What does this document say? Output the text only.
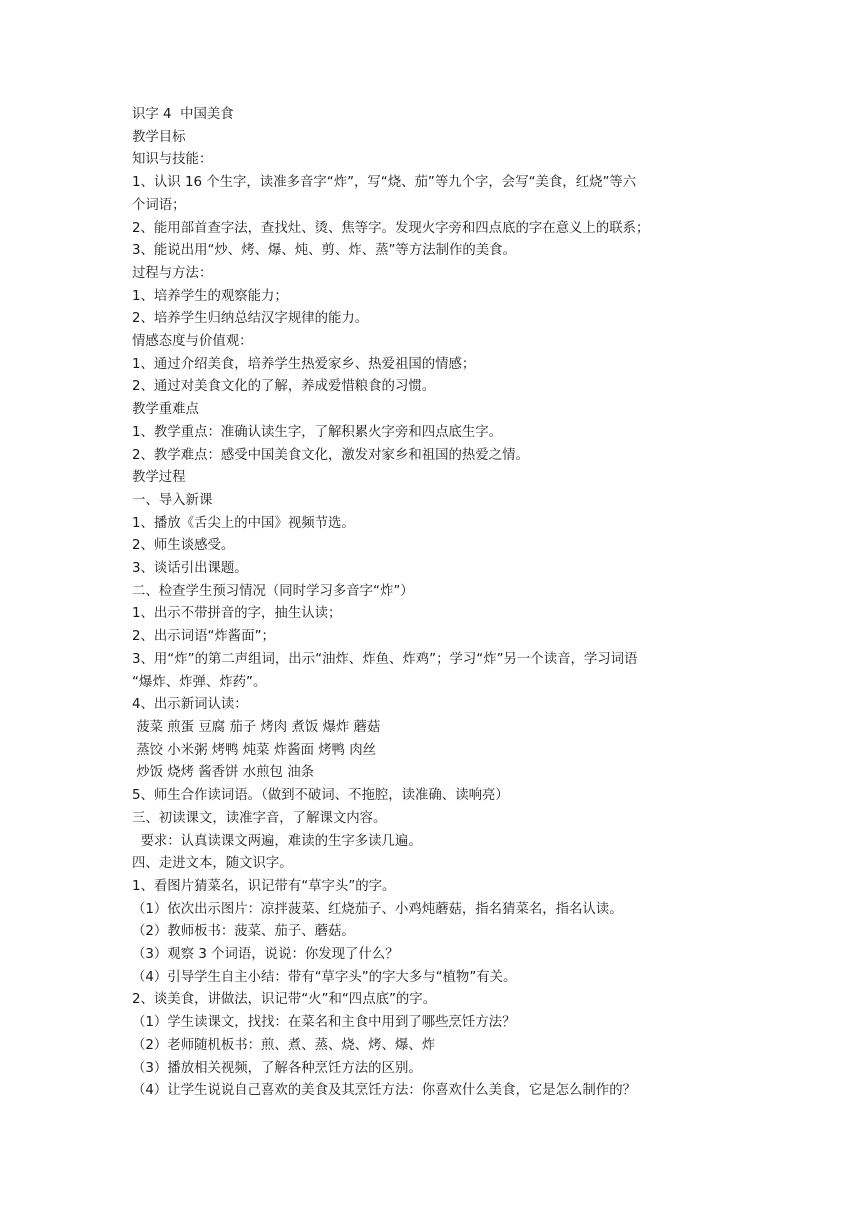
识字 4  中国美食
教学目标
知识与技能：
1、认识 16 个生字，读准多音字“炸”，写“烧、茄”等九个字，会写“美食，红烧”等六
个词语；
2、能用部首查字法，查找灶、烫、焦等字。发现火字旁和四点底的字在意义上的联系；
3、能说出用“炒、烤、爆、炖、剪、炸、蒸”等方法制作的美食。
过程与方法：
1、培养学生的观察能力；
2、培养学生归纳总结汉字规律的能力。
情感态度与价值观：
1、通过介绍美食，培养学生热爱家乡、热爱祖国的情感；
2、通过对美食文化的了解，养成爱惜粮食的习惯。
教学重难点
1、教学重点：准确认读生字，了解积累火字旁和四点底生字。
2、教学难点：感受中国美食文化，激发对家乡和祖国的热爱之情。
教学过程
一、导入新课
1、播放《舌尖上的中国》视频节选。
2、师生谈感受。
3、谈话引出课题。
二、检查学生预习情况（同时学习多音字“炸”）
1、出示不带拼音的字，抽生认读；
2、出示词语“炸酱面”；
3、用“炸”的第二声组词，出示“油炸、炸鱼、炸鸡”；学习“炸”另一个读音，学习词语
“爆炸、炸弹、炸药”。
4、出示新词认读：
菠菜 煎蛋 豆腐 茄子 烤肉 煮饭 爆炸 蘑菇
蒸饺 小米粥 烤鸭 炖菜 炸酱面 烤鸭 肉丝
炒饭 烧烤 酱香饼 水煎包 油条
5、师生合作读词语。（做到不破词、不拖腔，读准确、读响亮）
三、初读课文，读准字音，了解课文内容。
要求：认真读课文两遍，难读的生字多读几遍。
四、走进文本，随文识字。
1、看图片猜菜名，识记带有“草字头”的字。
（1）依次出示图片：凉拌菠菜、红烧茄子、小鸡炖蘑菇，指名猜菜名，指名认读。
（2）教师板书：菠菜、茄子、蘑菇。
（3）观察 3 个词语，说说：你发现了什么？
（4）引导学生自主小结：带有“草字头”的字大多与“植物”有关。
2、谈美食，讲做法，识记带“火”和“四点底”的字。
（1）学生读课文，找找：在菜名和主食中用到了哪些烹饪方法？
（2）老师随机板书：煎、煮、蒸、烧、烤、爆、炸
（3）播放相关视频，了解各种烹饪方法的区别。
（4）让学生说说自己喜欢的美食及其烹饪方法：你喜欢什么美食，它是怎么制作的？
